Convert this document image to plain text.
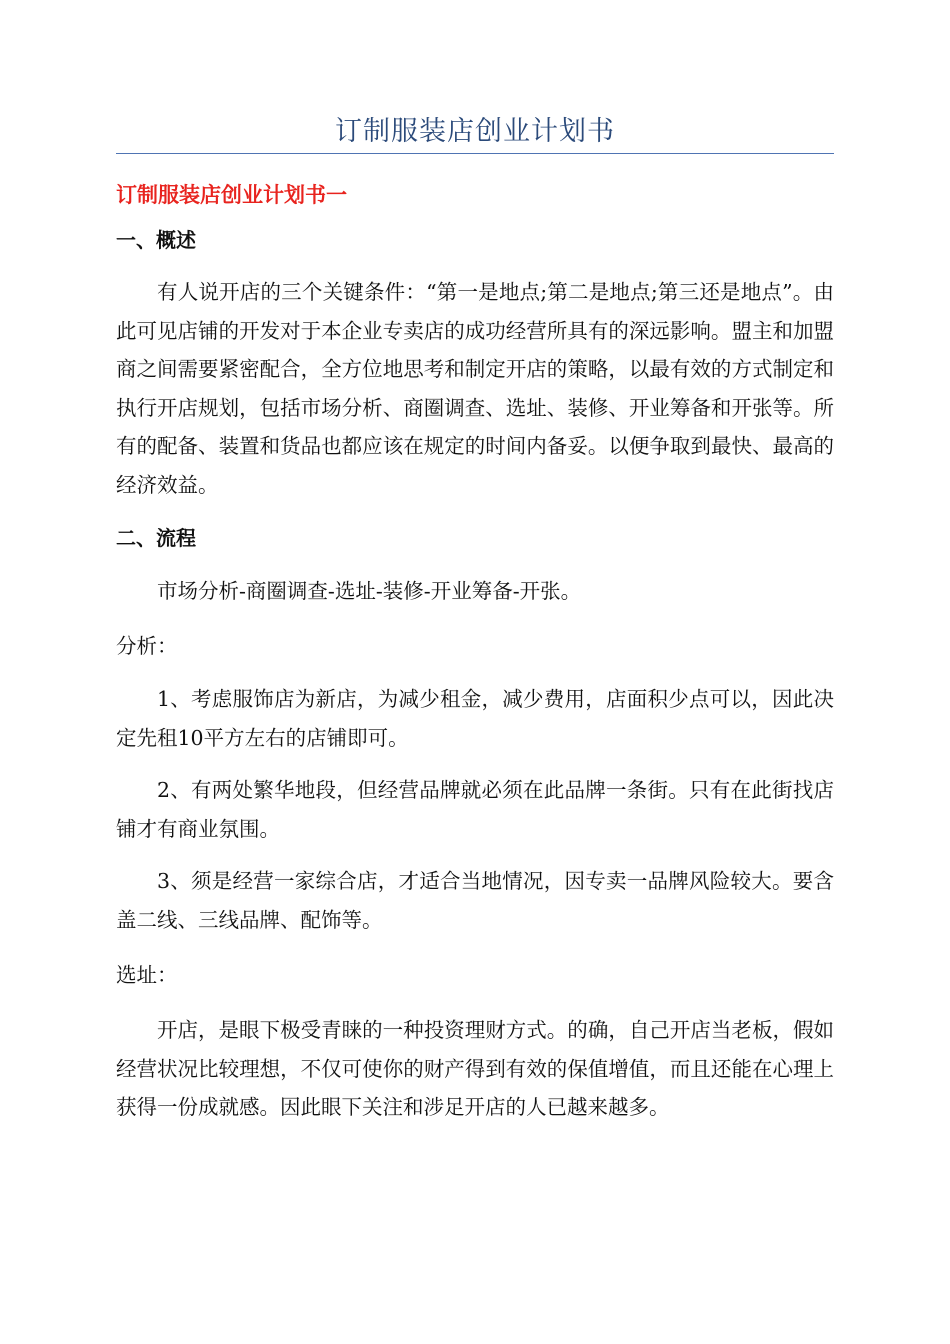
订制服装店创业计划书
订制服装店创业计划书一
一、概述

有人说开店的三个关键条件：“第一是地点;第二是地点;第三还是地点”。由此可见店铺的开发对于本企业专卖店的成功经营所具有的深远影响。盟主和加盟商之间需要紧密配合，全方位地思考和制定开店的策略，以最有效的方式制定和执行开店规划，包括市场分析、商圈调查、选址、装修、开业筹备和开张等。所有的配备、装置和货品也都应该在规定的时间内备妥。以便争取到最快、最高的经济效益。

二、流程

市场分析-商圈调查-选址-装修-开业筹备-开张。

分析：

1、考虑服饰店为新店，为减少租金，减少费用，店面积少点可以，因此决定先租10平方左右的店铺即可。

2、有两处繁华地段，但经营品牌就必须在此品牌一条街。只有在此街找店铺才有商业氛围。

3、须是经营一家综合店，才适合当地情况，因专卖一品牌风险较大。要含盖二线、三线品牌、配饰等。

选址：

开店，是眼下极受青睐的一种投资理财方式。的确，自己开店当老板，假如经营状况比较理想，不仅可使你的财产得到有效的保值增值，而且还能在心理上获得一份成就感。因此眼下关注和涉足开店的人已越来越多。
